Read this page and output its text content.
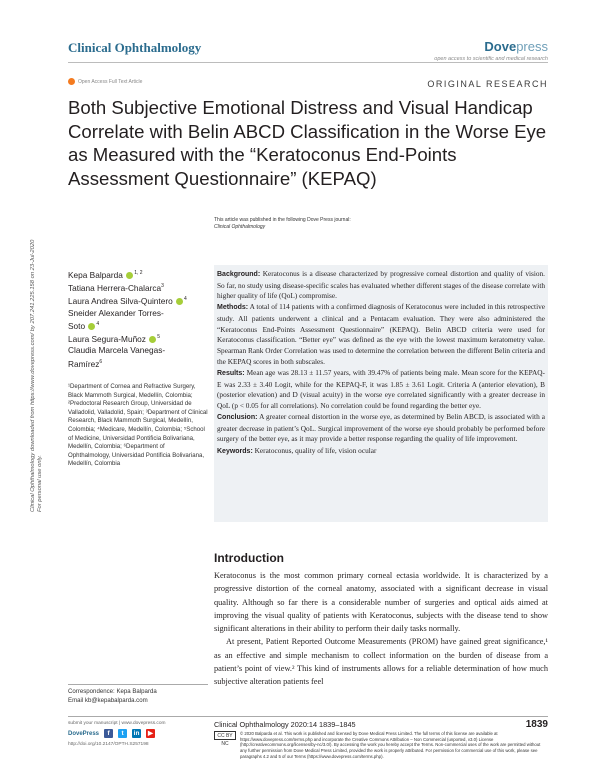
Clinical Ophthalmology	Dovepress
open access to scientific and medical research
Open Access Full Text Article	ORIGINAL RESEARCH
Both Subjective Emotional Distress and Visual Handicap Correlate with Belin ABCD Classification in the Worse Eye as Measured with the “Keratoconus End-Points Assessment Questionnaire” (KEPAQ)
Clinical Ophthalmology downloaded from https://www.dovepress.com/ by 207.241.225.158 on 23-Jul-2020 For personal use only.
This article was published in the following Dove Press journal:
Clinical Ophthalmology
Kepa Balparda $^{1, 2}$
Tatiana Herrera-Chalarca$^3$
Laura Andrea Silva-Quintero $^4$
Sneider Alexander Torres-
Soto $^4$
Laura Segura-Muñoz $^5$
Claudia Marcela Vanegas-
Ramírez$^6$
¹Department of Cornea and Refractive Surgery, Black Mammoth Surgical, Medellín, Colombia; ²Predoctoral Research Group, Universidad de Valladolid, Valladolid, Spain; ³Department of Clinical Research, Black Mammoth Surgical, Medellín, Colombia; ⁴Medicare, Medellín, Colombia; ⁵School of Medicine, Universidad Pontificia Bolivariana, Medellín, Colombia; ⁶Department of Ophthalmology, Universidad Pontificia Bolivariana, Medellín, Colombia
Correspondence: Kepa Balparda
Email kb@kepabalparda.com

Background: Keratoconus is a disease characterized by progressive corneal distortion and quality of vision. So far, no study using disease-specific scales has evaluated whether different stages of the disease correlate with higher quality of life (QoL) compromise.

Methods: A total of 114 patients with a confirmed diagnosis of Keratoconus were included in this retrospective study. All patients underwent a clinical and a Pentacam evaluation. They were also administered the “Keratoconus End-Points Assessment Questionnaire” (KEPAQ). Belin ABCD criteria were used for Keratoconus classification. “Better eye” was defined as the eye with the lowest maximum keratometry value. Spearman Rank Order Correlation was used to determine the correlation between the different Belin criteria and the KEPAQ scores in both subscales.

Results: Mean age was 28.13 ± 11.57 years, with 39.47% of patients being male. Mean score for the KEPAQ-E was 2.33 ± 3.40 Logit, while for the KEPAQ-F, it was 1.85 ± 3.61 Logit. Criteria A (anterior elevation), B (posterior elevation) and D (visual acuity) in the worse eye correlated significantly with a greater decrease in QoL (p < 0.05 for all correlations). No correlation could be found regarding the better eye.

Conclusion: A greater corneal distortion in the worse eye, as determined by Belin ABCD, is associated with a greater decrease in patient’s QoL. Surgical improvement of the worse eye should probably be performed before surgery of the better eye, as it may provide a better response regarding the quality of life improvement.

Keywords: Keratoconus, quality of life, vision ocular

Introduction

Keratoconus is the most common primary corneal ectasia worldwide. It is characterized by a progressive distortion of the corneal anatomy, associated with a significant decrease in visual quality. Although so far there is a considerable number of surgeries and optical aids aimed at improving the visual quality of patients with Keratoconus, subjects with the disease tend to show significant alterations in their ability to perform their daily tasks normally.

At present, Patient Reported Outcome Measurements (PROM) have gained great significance,¹ as an effective and simple mechanism to collect information on the burden of disease from a patient’s point of view.² This kind of instruments allows for a reliable determination of how much subjective alteration patients feel

submit your manuscript | www.dovepress.com
DovePress	f	t	in	▶
http://doi.org/10.2147/OPTH.S257198
Clinical Ophthalmology 2020:14 1839–1845	1839
CC BY NC
© 2020 Balparda et al. This work is published and licensed by Dove Medical Press Limited. The full terms of this license are available at https://www.dovepress.com/terms.php and incorporate the Creative Commons Attribution – Non Commercial (unported, v3.0) License (http://creativecommons.org/licenses/by-nc/3.0/). By accessing the work you hereby accept the Terms. Non-commercial uses of the work are permitted without any further permission from Dove Medical Press Limited, provided the work is properly attributed. For permission for commercial use of this work, please see paragraphs 4.2 and 5 of our Terms (https://www.dovepress.com/terms.php).
